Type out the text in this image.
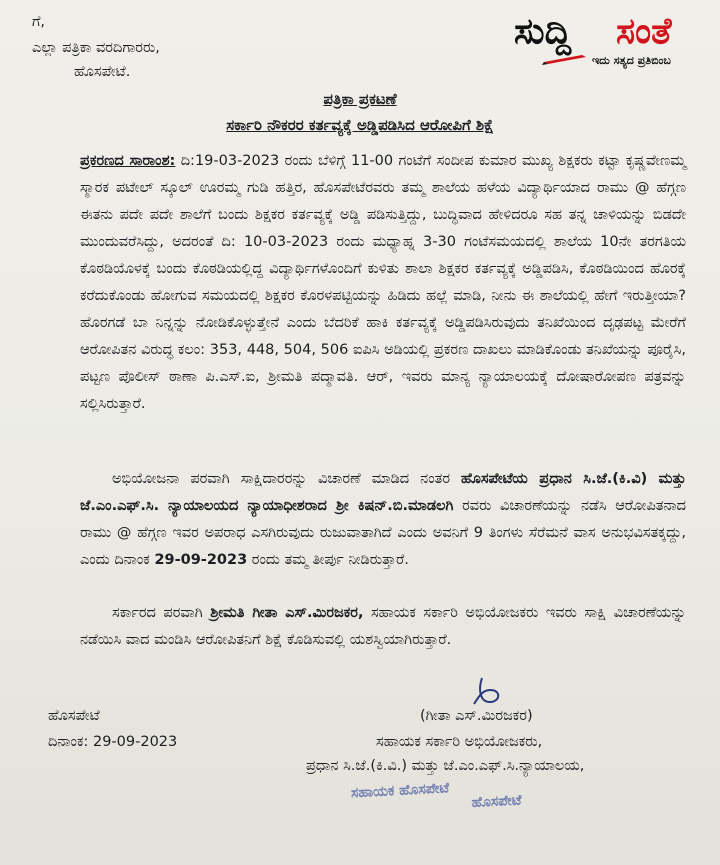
ಸುದ್ದಿ ಸಂತೆ
ಇದು ಸತ್ಯದ ಪ್ರತಿಬಿಂಬ
ಗೆ,
ಎಲ್ಲಾ ಪತ್ರಿಕಾ ವರದಿಗಾರರು,
ಹೊಸಪೇಟೆ.
ಪತ್ರಿಕಾ ಪ್ರಕಟಣೆ
ಸರ್ಕಾರಿ ನೌಕರರ ಕರ್ತವ್ಯಕ್ಕೆ ಅಡ್ಡಿಪಡಿಸಿದ ಆರೋಪಿಗೆ ಶಿಕ್ಷೆ

ಪ್ರಕರಣದ ಸಾರಾಂಶ: ದಿ:19-03-2023 ರಂದು ಬೆಳಿಗ್ಗೆ 11-00 ಗಂಟೆಗೆ ಸಂದೀಪ ಕುಮಾರ ಮುಖ್ಯ ಶಿಕ್ಷಕರು ಕಟ್ಟಾ ಕೃಷ್ಣವೇಣಮ್ಮ ಸ್ಮಾರಕ ಪಟೇಲ್ ಸ್ಕೂಲ್ ಊರಮ್ಮ ಗುಡಿ ಹತ್ತಿರ, ಹೊಸಪೇಟೆರವರು ತಮ್ಮ ಶಾಲೆಯ ಹಳೆಯ ವಿದ್ಯಾರ್ಥಿಯಾದ ರಾಮು @ ಹೆಗ್ಗಣ ಈತನು ಪದೇ ಪದೇ ಶಾಲೆಗೆ ಬಂದು ಶಿಕ್ಷಕರ ಕರ್ತವ್ಯಕ್ಕೆ ಅಡ್ಡಿ ಪಡಿಸುತ್ತಿದ್ದು, ಬುದ್ಧಿವಾದ ಹೇಳಿದರೂ ಸಹ ತನ್ನ ಚಾಳಿಯನ್ನು ಬಿಡದೇ ಮುಂದುವರೆಸಿದ್ದು, ಅದರಂತೆ ದಿ: 10-03-2023 ರಂದು ಮಧ್ಯಾಹ್ನ 3-30 ಗಂಟೆಸಮಯದಲ್ಲಿ ಶಾಲೆಯ 10ನೇ ತರಗತಿಯ ಕೊಠಡಿಯೊಳಕ್ಕೆ ಬಂದು ಕೊಠಡಿಯಲ್ಲಿದ್ದ ವಿದ್ಯಾರ್ಥಿಗಳೊಂದಿಗೆ ಕುಳಿತು ಶಾಲಾ ಶಿಕ್ಷಕರ ಕರ್ತವ್ಯಕ್ಕೆ ಅಡ್ಡಿಪಡಿಸಿ, ಕೊಠಡಿಯಿಂದ ಹೊರಕ್ಕೆ ಕರೆದುಕೊಂಡು ಹೋಗುವ ಸಮಯದಲ್ಲಿ ಶಿಕ್ಷಕರ ಕೊರಳಪಟ್ಟಿಯನ್ನು ಹಿಡಿದು ಹಲ್ಲೆ ಮಾಡಿ, ನೀನು ಈ ಶಾಲೆಯಲ್ಲಿ ಹೇಗೆ ಇರುತ್ತೀಯಾ? ಹೊರಗಡೆ ಬಾ ನಿನ್ನನ್ನು ನೋಡಿಕೊಳ್ಳುತ್ತೇನೆ ಎಂದು ಬೆದರಿಕೆ ಹಾಕಿ ಕರ್ತವ್ಯಕ್ಕೆ ಅಡ್ಡಿಪಡಿಸಿರುವುದು ತನಿಖೆಯಿಂದ ದೃಢಪಟ್ಟ ಮೇರೆಗೆ ಆರೋಪಿತನ ವಿರುದ್ಧ ಕಲಂ: 353, 448, 504, 506 ಐಪಿಸಿ ಅಡಿಯಲ್ಲಿ ಪ್ರಕರಣ ದಾಖಲು ಮಾಡಿಕೊಂಡು ತನಿಖೆಯನ್ನು ಪೂರೈಸಿ, ಪಟ್ಟಣ ಪೊಲೀಸ್ ಠಾಣಾ ಪಿ.ಎಸ್.ಐ, ಶ್ರೀಮತಿ ಪದ್ಮಾವತಿ. ಆರ್, ಇವರು ಮಾನ್ಯ ನ್ಯಾಯಾಲಯಕ್ಕೆ ದೋಷಾರೋಪಣ ಪತ್ರವನ್ನು ಸಲ್ಲಿಸಿರುತ್ತಾರೆ.

ಅಭಿಯೋಜನಾ ಪರವಾಗಿ ಸಾಕ್ಷಿದಾರರನ್ನು ವಿಚಾರಣೆ ಮಾಡಿದ ನಂತರ ಹೊಸಪೇಟೆಯ ಪ್ರಧಾನ ಸಿ.ಜೆ.(ಕಿ.ವಿ) ಮತ್ತು ಜೆ.ಎಂ.ಎಫ್.ಸಿ. ನ್ಯಾಯಾಲಯದ ನ್ಯಾಯಾಧೀಶರಾದ ಶ್ರೀ ಕಿಷನ್.ಬಿ.ಮಾಡಲಗಿ ರವರು ವಿಚಾರಣೆಯನ್ನು ನಡೆಸಿ ಆರೋಪಿತನಾದ ರಾಮು @ ಹೆಗ್ಗಣ ಇವರ ಅಪರಾಧ ಎಸಗಿರುವುದು ರುಜುವಾತಾಗಿದೆ ಎಂದು ಅವನಿಗೆ 9 ತಿಂಗಳು ಸೆರೆಮನೆ ವಾಸ ಅನುಭವಿಸತಕ್ಕದ್ದು, ಎಂದು ದಿನಾಂಕ 29-09-2023 ರಂದು ತಮ್ಮ ತೀರ್ಪು ನೀಡಿರುತ್ತಾರೆ.

ಸರ್ಕಾರದ ಪರವಾಗಿ ಶ್ರೀಮತಿ ಗೀತಾ ಎಸ್.ಮಿರಜಕರ, ಸಹಾಯಕ ಸರ್ಕಾರಿ ಅಭಿಯೋಜಕರು ಇವರು ಸಾಕ್ಷಿ ವಿಚಾರಣೆಯನ್ನು ನಡೆಯಿಸಿ ವಾದ ಮಂಡಿಸಿ ಆರೋಪಿತನಿಗೆ ಶಿಕ್ಷೆ ಕೊಡಿಸುವಲ್ಲಿ ಯಶಸ್ವಿಯಾಗಿರುತ್ತಾರೆ.

ಹೊಸಪೇಟೆ
ದಿನಾಂಕ: 29-09-2023
(ಗೀತಾ ಎಸ್.ಮಿರಜಕರ)
ಸಹಾಯಕ ಸರ್ಕಾರಿ ಅಭಿಯೋಜಕರು,
ಪ್ರಧಾನ ಸಿ.ಜೆ.(ಕಿ.ವಿ.) ಮತ್ತು ಜೆ.ಎಂ.ಎಫ್.ಸಿ.ನ್ಯಾಯಾಲಯ,
ಸಹಾಯಕ ಹೊಸಪೇಟೆ
ಹೊಸಪೇಟೆ
